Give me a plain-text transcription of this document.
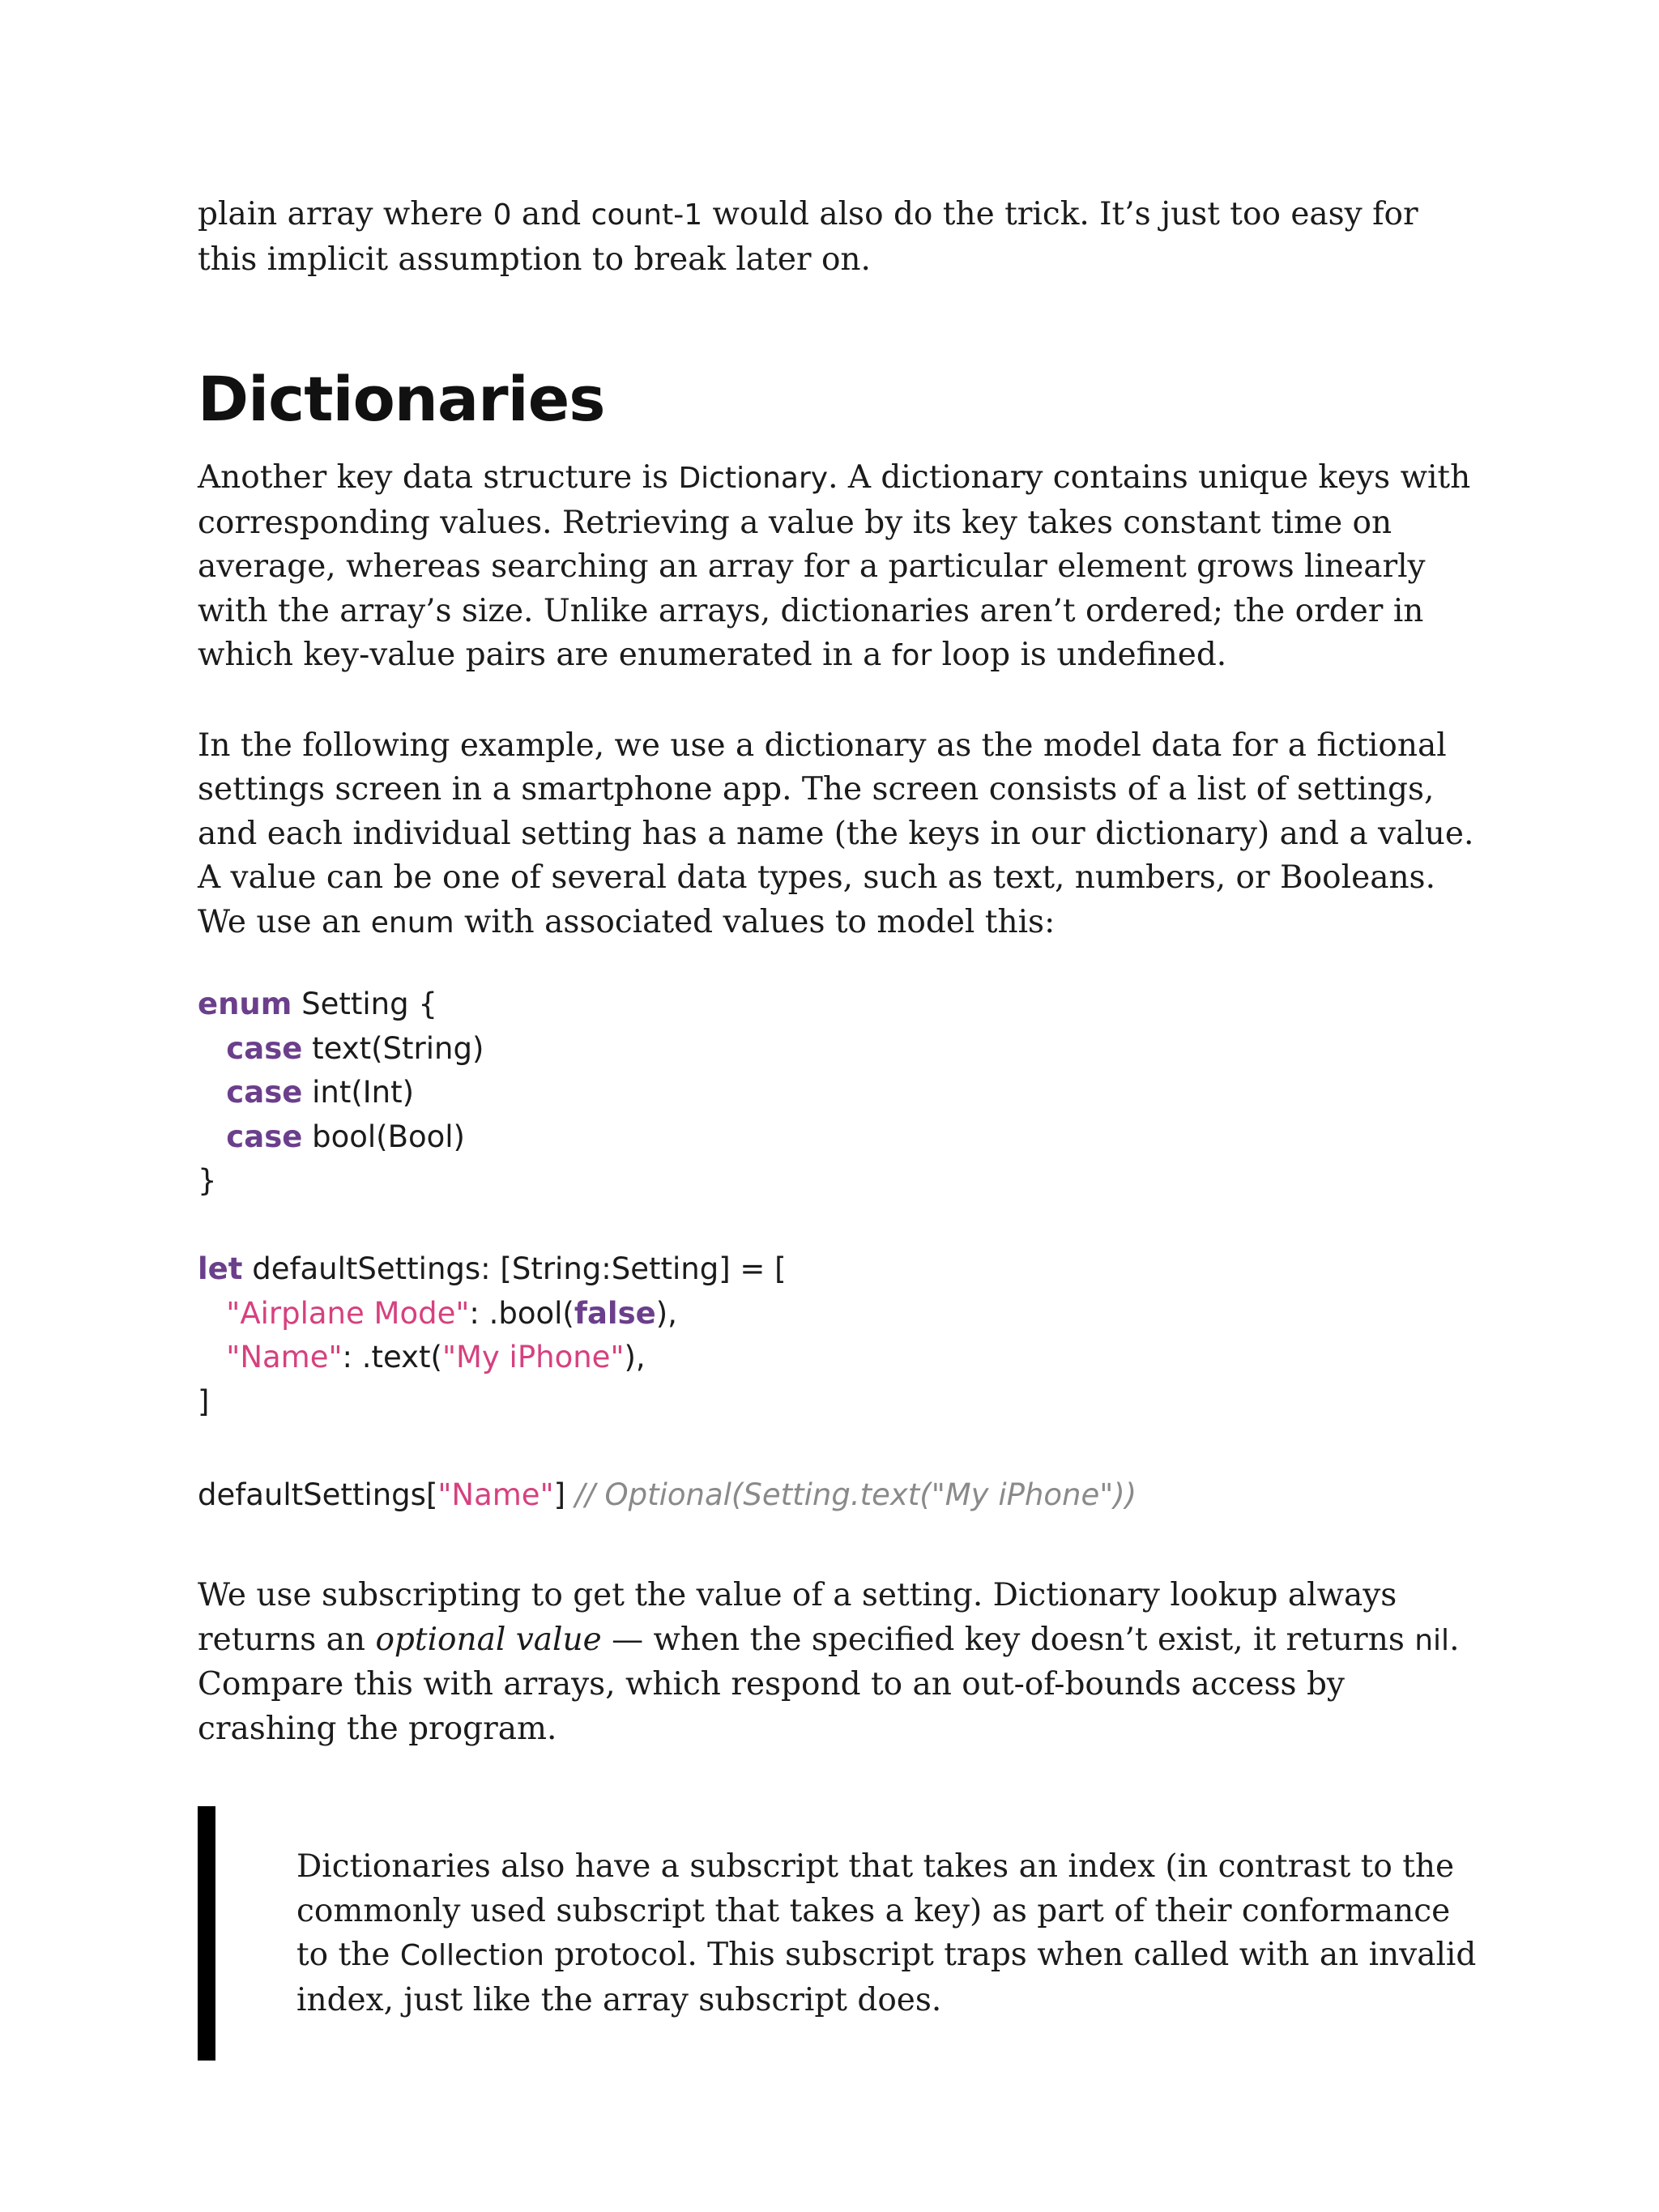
plain array where 0 and count-1 would also do the trick. It’s just too easy for this implicit assumption to break later on.

Dictionaries

Another key data structure is Dictionary. A dictionary contains unique keys with corresponding values. Retrieving a value by its key takes constant time on average, whereas searching an array for a particular element grows linearly with the array’s size. Unlike arrays, dictionaries aren’t ordered; the order in which key-value pairs are enumerated in a for loop is undefined.

In the following example, we use a dictionary as the model data for a fictional settings screen in a smartphone app. The screen consists of a list of settings, and each individual setting has a name (the keys in our dictionary) and a value. A value can be one of several data types, such as text, numbers, or Booleans. We use an enum with associated values to model this:

enum Setting {
case text(String)
case int(Int)
case bool(Bool)
}

let defaultSettings: [String:Setting] = [
"Airplane Mode": .bool(false),
"Name": .text("My iPhone"),
]

defaultSettings["Name"] // Optional(Setting.text("My iPhone"))

We use subscripting to get the value of a setting. Dictionary lookup always returns an optional value — when the specified key doesn’t exist, it returns nil. Compare this with arrays, which respond to an out-of-bounds access by crashing the program.

Dictionaries also have a subscript that takes an index (in contrast to the commonly used subscript that takes a key) as part of their conformance to the Collection protocol. This subscript traps when called with an invalid index, just like the array subscript does.
